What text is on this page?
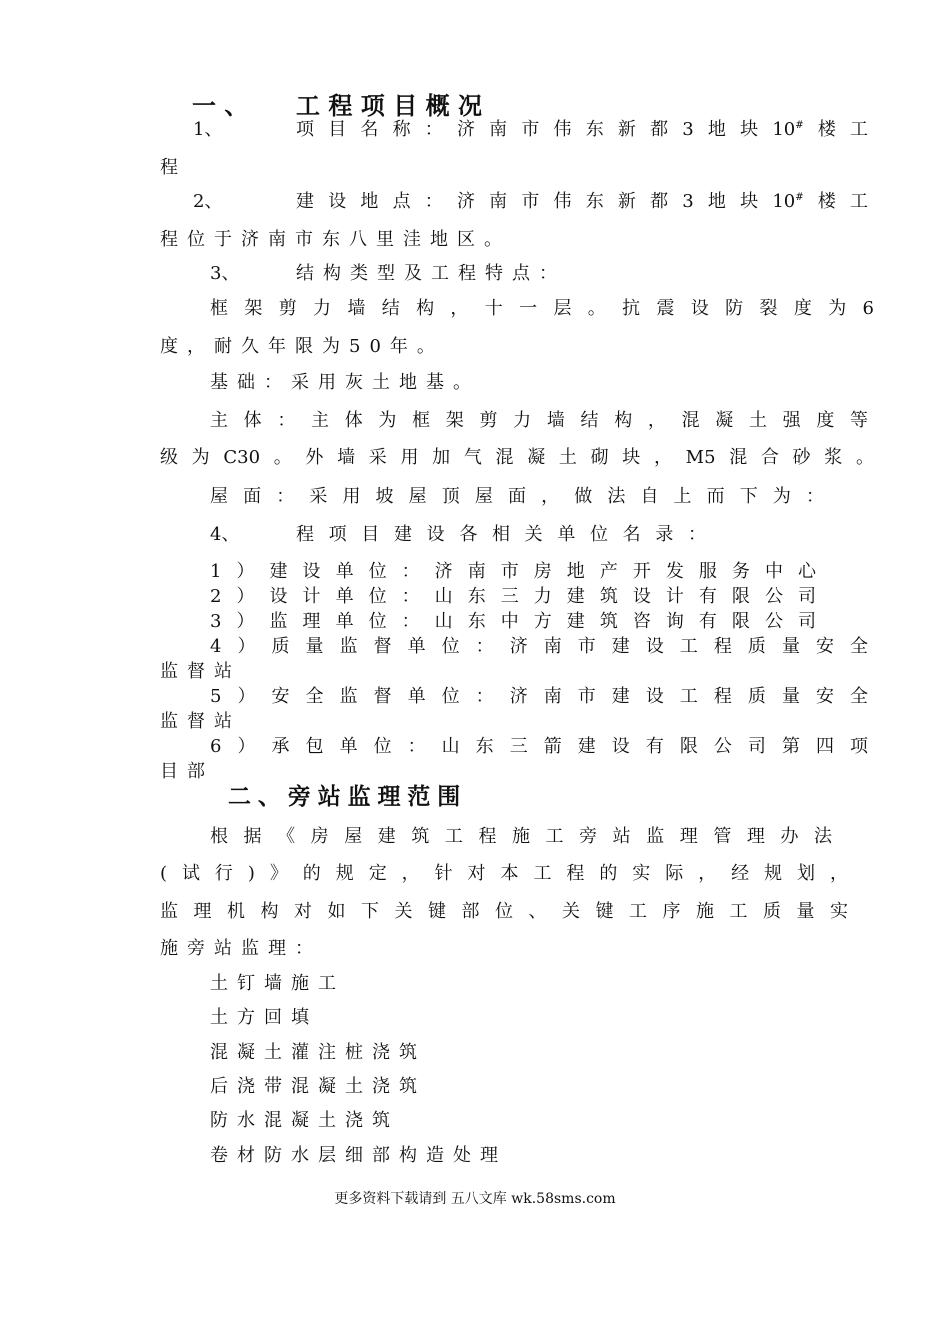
一、 工程项目概况
1、	项目名称：济南市伟东新都3地块10#楼工
程
2、	建设地点：济南市伟东新都3地块10#楼工
程位于济南市东八里洼地区。
3、	结构类型及工程特点：
框架剪力墙结构，十一层。抗震设防裂度为6
度，耐久年限为50年。
基础：采用灰土地基。
主体：主体为框架剪力墙结构，混凝土强度等
级为C30。外墙采用加气混凝土砌块，M5混合砂浆。
屋面：采用坡屋顶屋面，做法自上而下为：
4、	程项目建设各相关单位名录：
1）建设单位：济南市房地产开发服务中心
2）设计单位：山东三力建筑设计有限公司
3）监理单位：山东中方建筑咨询有限公司
4）质量监督单位：济南市建设工程质量安全
监督站
5）安全监督单位：济南市建设工程质量安全
监督站
6）承包单位：山东三箭建设有限公司第四项
目部
二、旁站监理范围
根据《房屋建筑工程施工旁站监理管理办法
(试行)》的规定，针对本工程的实际，经规划，
监理机构对如下关键部位、关键工序施工质量实
施旁站监理：
土钉墙施工
土方回填
混凝土灌注桩浇筑
后浇带混凝土浇筑
防水混凝土浇筑
卷材防水层细部构造处理
更多资料下载请到 五八文库 wk.58sms.com
